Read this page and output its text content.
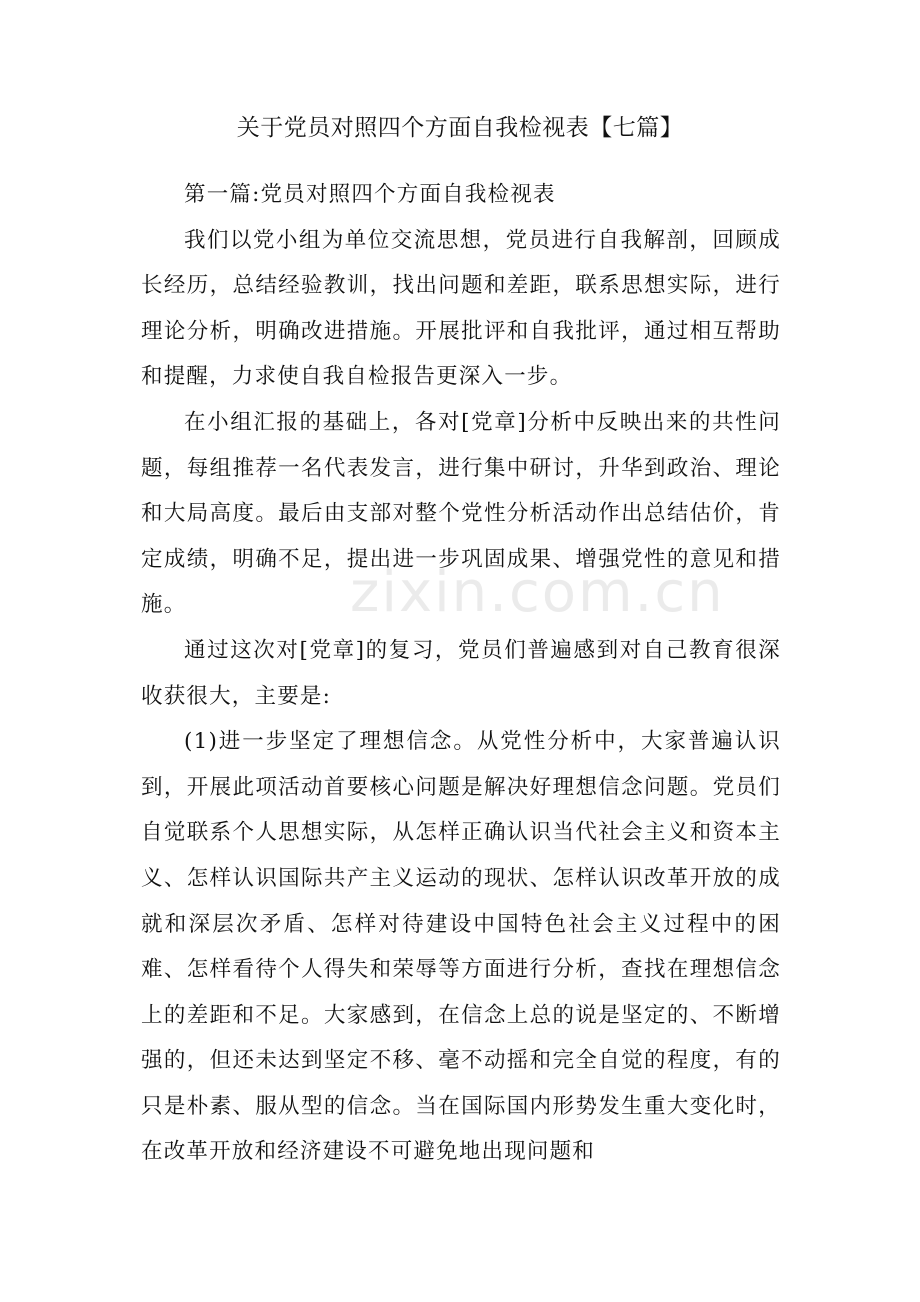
zixin.com.cn
关于党员对照四个方面自我检视表【七篇】

第一篇:党员对照四个方面自我检视表

我们以党小组为单位交流思想，党员进行自我解剖，回顾成长经历，总结经验教训，找出问题和差距，联系思想实际，进行理论分析，明确改进措施。开展批评和自我批评，通过相互帮助和提醒，力求使自我自检报告更深入一步。

在小组汇报的基础上，各对[党章]分析中反映出来的共性问题，每组推荐一名代表发言，进行集中研讨，升华到政治、理论和大局高度。最后由支部对整个党性分析活动作出总结估价，肯定成绩，明确不足，提出进一步巩固成果、增强党性的意见和措施。

通过这次对[党章]的复习，党员们普遍感到对自己教育很深收获很大，主要是:

(1)进一步坚定了理想信念。从党性分析中，大家普遍认识到，开展此项活动首要核心问题是解决好理想信念问题。党员们自觉联系个人思想实际，从怎样正确认识当代社会主义和资本主义、怎样认识国际共产主义运动的现状、怎样认识改革开放的成就和深层次矛盾、怎样对待建设中国特色社会主义过程中的困难、怎样看待个人得失和荣辱等方面进行分析，查找在理想信念上的差距和不足。大家感到，在信念上总的说是坚定的、不断增强的，但还未达到坚定不移、毫不动摇和完全自觉的程度，有的只是朴素、服从型的信念。当在国际国内形势发生重大变化时，在改革开放和经济建设不可避免地出现问题和
